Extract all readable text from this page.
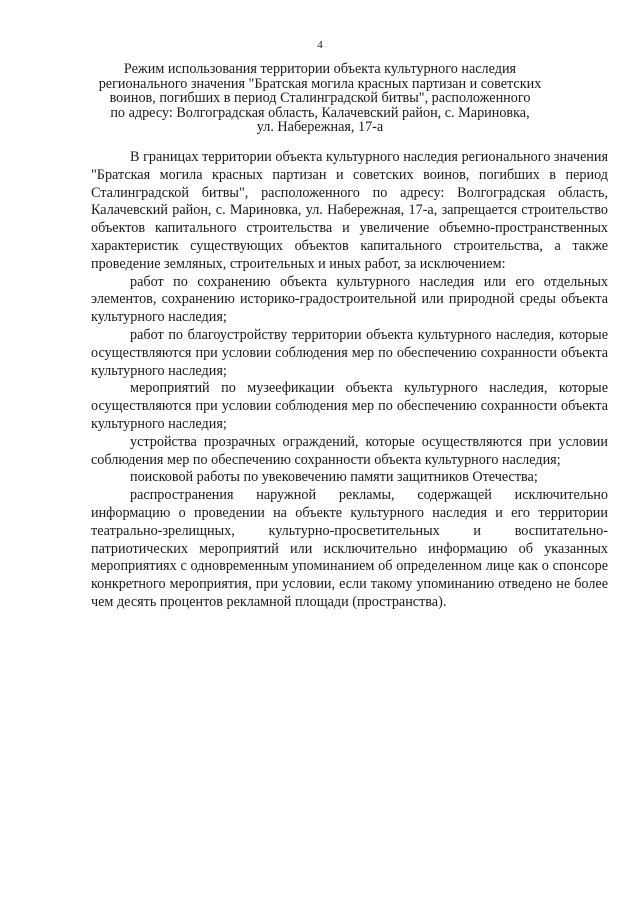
4
Режим использования территории объекта культурного наследия
регионального значения "Братская могила красных партизан и советских
воинов, погибших в период Сталинградской битвы", расположенного
по адресу: Волгоградская область, Калачевский район, с. Мариновка,
ул. Набережная, 17-а

В границах территории объекта культурного наследия регионального значения "Братская могила красных партизан и советских воинов, погибших в период Сталинградской битвы", расположенного по адресу: Волгоградская область, Калачевский район, с. Мариновка, ул. Набережная, 17-а, запрещается строительство объектов капитального строительства и увеличение объемно-пространственных характеристик существующих объектов капитального строительства, а также проведение земляных, строительных и иных работ, за исключением:

работ по сохранению объекта культурного наследия или его отдельных элементов, сохранению историко-градостроительной или природной среды объекта культурного наследия;

работ по благоустройству территории объекта культурного наследия, которые осуществляются при условии соблюдения мер по обеспечению сохранности объекта культурного наследия;

мероприятий по музеефикации объекта культурного наследия, которые осуществляются при условии соблюдения мер по обеспечению сохранности объекта культурного наследия;

устройства прозрачных ограждений, которые осуществляются при условии соблюдения мер по обеспечению сохранности объекта культурного наследия;

поисковой работы по увековечению памяти защитников Отечества;

распространения наружной рекламы, содержащей исключительно информацию о проведении на объекте культурного наследия и его территории театрально-зрелищных, культурно-просветительных и воспитательно-патриотических мероприятий или исключительно информацию об указанных мероприятиях с одновременным упоминанием об определенном лице как о спонсоре конкретного мероприятия, при условии, если такому упоминанию отведено не более чем десять процентов рекламной площади (пространства).
